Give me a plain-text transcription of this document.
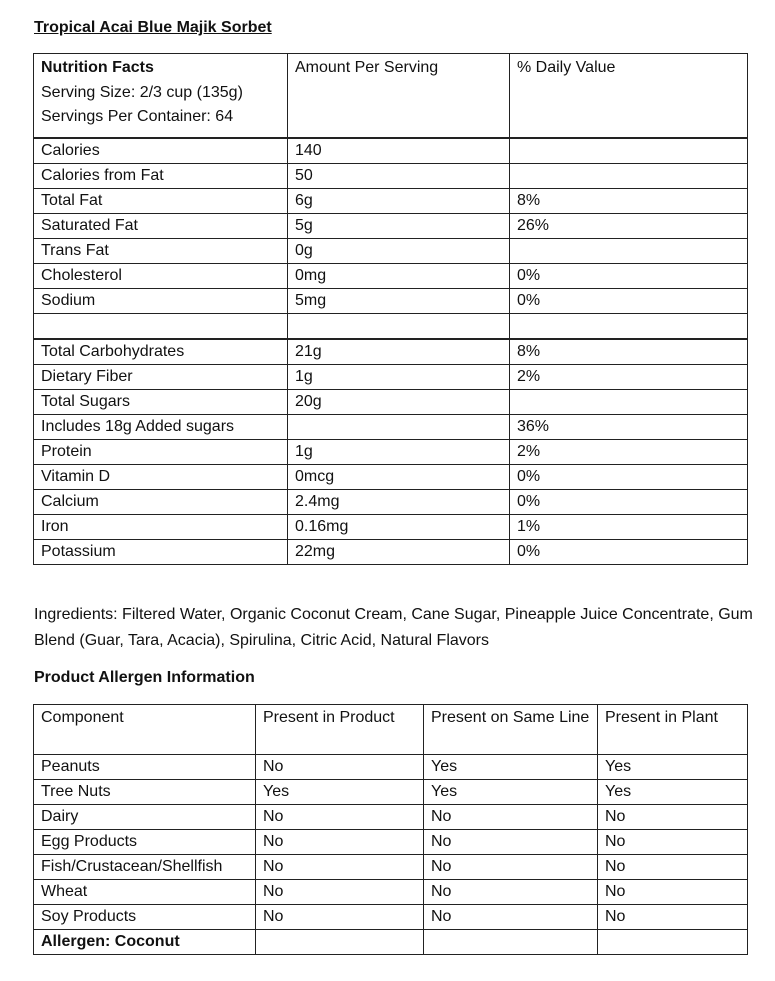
Tropical Acai Blue Majik Sorbet
Nutrition Facts
Serving Size: 2/3 cup (135g)
Servings Per Container: 64	Amount Per Serving	% Daily Value
Calories	140	
Calories from Fat	50	
Total Fat	6g	8%
Saturated Fat	5g	26%
Trans Fat	0g	
Cholesterol	0mg	0%
Sodium	5mg	0%

Total Carbohydrates	21g	8%
Dietary Fiber	1g	2%
Total Sugars	20g	
Includes 18g Added sugars		36%
Protein	1g	2%
Vitamin D	0mcg	0%
Calcium	2.4mg	0%
Iron	0.16mg	1%
Potassium	22mg	0%
Ingredients: Filtered Water, Organic Coconut Cream, Cane Sugar, Pineapple Juice Concentrate, Gum Blend (Guar, Tara, Acacia), Spirulina, Citric Acid, Natural Flavors
Product Allergen Information
Component	Present in Product	Present on Same Line	Present in Plant
Peanuts	No	Yes	Yes
Tree Nuts	Yes	Yes	Yes
Dairy	No	No	No
Egg Products	No	No	No
Fish/Crustacean/Shellfish	No	No	No
Wheat	No	No	No
Soy Products	No	No	No
Allergen: Coconut			
